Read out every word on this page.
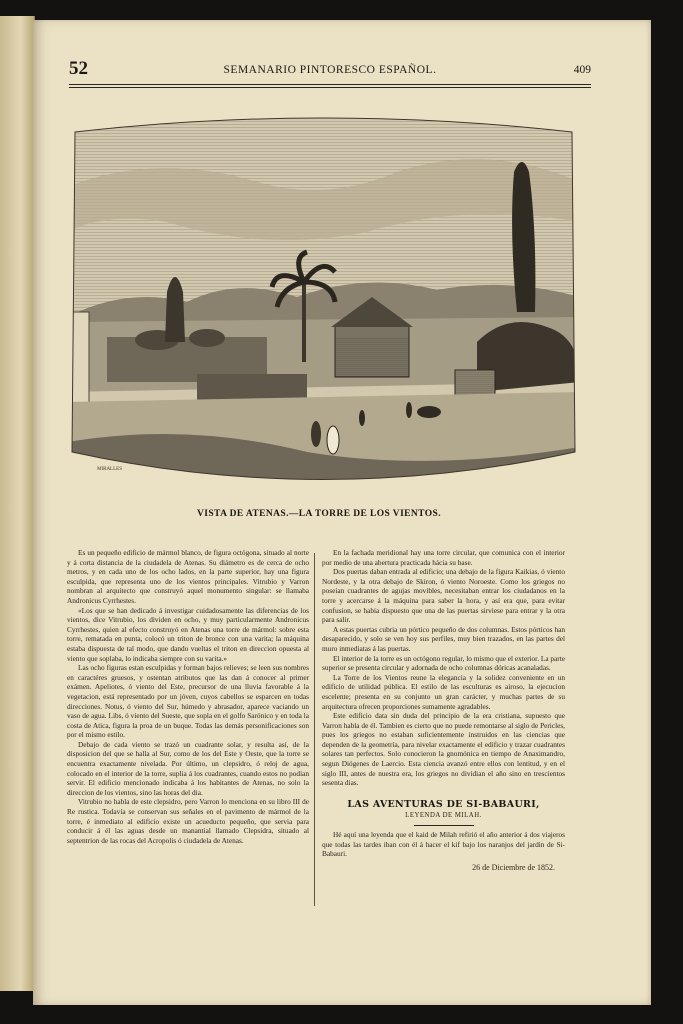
52	SEMANARIO PINTORESCO ESPAÑOL.	409
MIRALLES
VISTA DE ATENAS.—LA TORRE DE LOS VIENTOS.

Es un pequeño edificio de mármol blanco, de figura octógona, situado al norte y á corta distancia de la ciudadela de Atenas. Su diámetro es de cerca de ocho metros, y en cada uno de los ocho lados, en la parte superior, hay una figura esculpida, que representa uno de los vientos principales. Vitrubio y Varron nombran al arquitecto que construyó aquel monumento singular: se llamaba Andronicus Cyrrhestes.

«Los que se han dedicado á investigar cuidadosamente las diferencias de los vientos, dice Vitrubio, los dividen en ocho, y muy particularmente Andronicus Cyrrhestes, quien al efecto construyó en Atenas una torre de mármol: sobre esta torre, rematada en punta, colocó un triton de bronce con una varita; la máquina estaba dispuesta de tal modo, que dando vueltas el triton en direccion opuesta al viento que soplaba, lo indicaba siempre con su varita.»

Las ocho figuras estan esculpidas y forman bajos relieves; se leen sus nombres en caractéres gruesos, y ostentan atributos que las dan á conocer al primer exámen. Apeliotes, ó viento del Este, precursor de una lluvia favorable á la vegetacion, está representado por un jóven, cuyos cabellos se esparcen en todas direcciones. Notus, ó viento del Sur, húmedo y abrasador, aparece vaciando un vaso de agua. Libs, ó viento del Sueste, que sopla en el golfo Sarónico y en toda la costa de Atica, figura la proa de un buque. Todas las demás personificaciones son por el mismo estilo.

Debajo de cada viento se trazó un cuadrante solar, y resulta así, de la disposicion del que se halla al Sur, como de los del Este y Oeste, que la torre se encuentra exactamente nivelada. Por último, un clepsidro, ó reloj de agua, colocado en el interior de la torre, suplia á los cuadrantes, cuando estos no podian servir. El edificio mencionado indicaba á los habitantes de Atenas, no solo la direccion de los vientos, sino las horas del dia.

Vitrubio no habla de este clepsidro, pero Varron lo menciona en su libro III de Re rustica. Todavía se conservan sus señales en el pavimento de mármol de la torre, é inmediato al edificio existe un acueducto pequeño, que servia para conducir á él las aguas desde un manantial llamado Clepsidra, situado al septentrion de las rocas del Acropolis ó ciudadela de Atenas.

En la fachada meridional hay una torre circular, que comunica con el interior por medio de una abertura practicada hácia su base.

Dos puertas daban entrada al edificio; una debajo de la figura Kaikias, ó viento Nordeste, y la otra debajo de Skiron, ó viento Noroeste. Como los griegos no poseian cuadrantes de agujas movibles, necesitaban entrar los ciudadanos en la torre y acercarse á la máquina para saber la hora, y así era que, para evitar confusion, se habia dispuesto que una de las puertas sirviese para entrar y la otra para salir.

A estas puertas cubria un pórtico pequeño de dos columnas. Estos pórticos han desaparecido, y solo se ven hoy sus perfiles, muy bien trazados, en las partes del muro inmediatas á las puertas.

El interior de la torre es un octógono regular, lo mismo que el exterior. La parte superior se presenta circular y adornada de ocho columnas dóricas acanaladas.

La Torre de los Vientos reune la elegancia y la solidez conveniente en un edificio de utilidad pública. El estilo de las esculturas es airoso, la ejecucion escelente; presenta en su conjunto un gran carácter, y muchas partes de su arquitectura ofrecen proporciones sumamente agradables.

Este edificio data sin duda del principio de la era cristiana, supuesto que Varron habla de él. Tambien es cierto que no puede remontarse al siglo de Pericles, pues los griegos no estaban suficientemente instruidos en las ciencias que dependen de la geometría, para nivelar exactamente el edificio y trazar cuadrantes solares tan perfectos. Solo conocieron la gnomónica en tiempo de Anaximandro, segun Diógenes de Laercio. Esta ciencia avanzó entre ellos con lentitud, y en el siglo III, antes de nuestra era, los griegos no dividian el año sino en trescientos sesenta dias.

LAS AVENTURAS DE SI-BABAURI,
LEYENDA DE MILAH.

Hé aquí una leyenda que el kaid de Milah refirió el año anterior á dos viajeros que todas las tardes iban con él á hacer el kif bajo los naranjos del jardin de Si-Babauri.

26 de Diciembre de 1852.
